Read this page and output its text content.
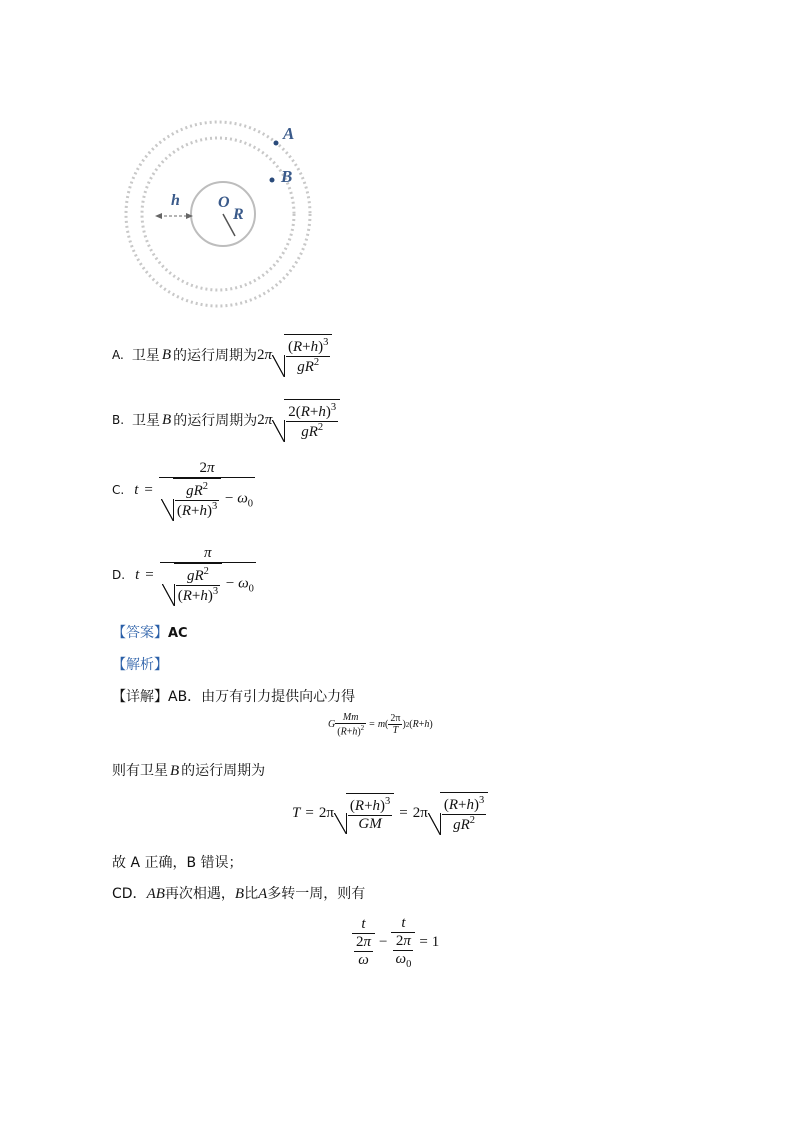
A
B
O
R
h
A. 卫星 B 的运行周期为 2 π $\frac{(R+h)^3}{gR^2}$
B. 卫星 B 的运行周期为 2 π $\frac{2(R+h)^3}{gR^2}$
C. $t = \frac{2\pi}{\frac{gR^2}{(R+h)^3} - \omega_0}$
D. $t = \frac{\pi}{\frac{gR^2}{(R+h)^3} - \omega_0}$
【答案】AC
【解析】
【详解】AB．由万有引力提供向心力得
G $\frac{Mm}{(R+h)^2} = m$ ( $\frac{2\pi}{T}$ ) 2 ( R + h )
则有卫星 B 的运行周期为
$T = 2\pi \frac{(R+h)^3}{GM} = 2\pi \frac{(R+h)^3}{gR^2}$
故 A 正确，B 错误；
CD．AB再次相遇，B比A多转一周，则有
$\frac{t}{\frac{2\pi}{\omega}} - \frac{t}{\frac{2\pi}{\omega_0}} = 1$
